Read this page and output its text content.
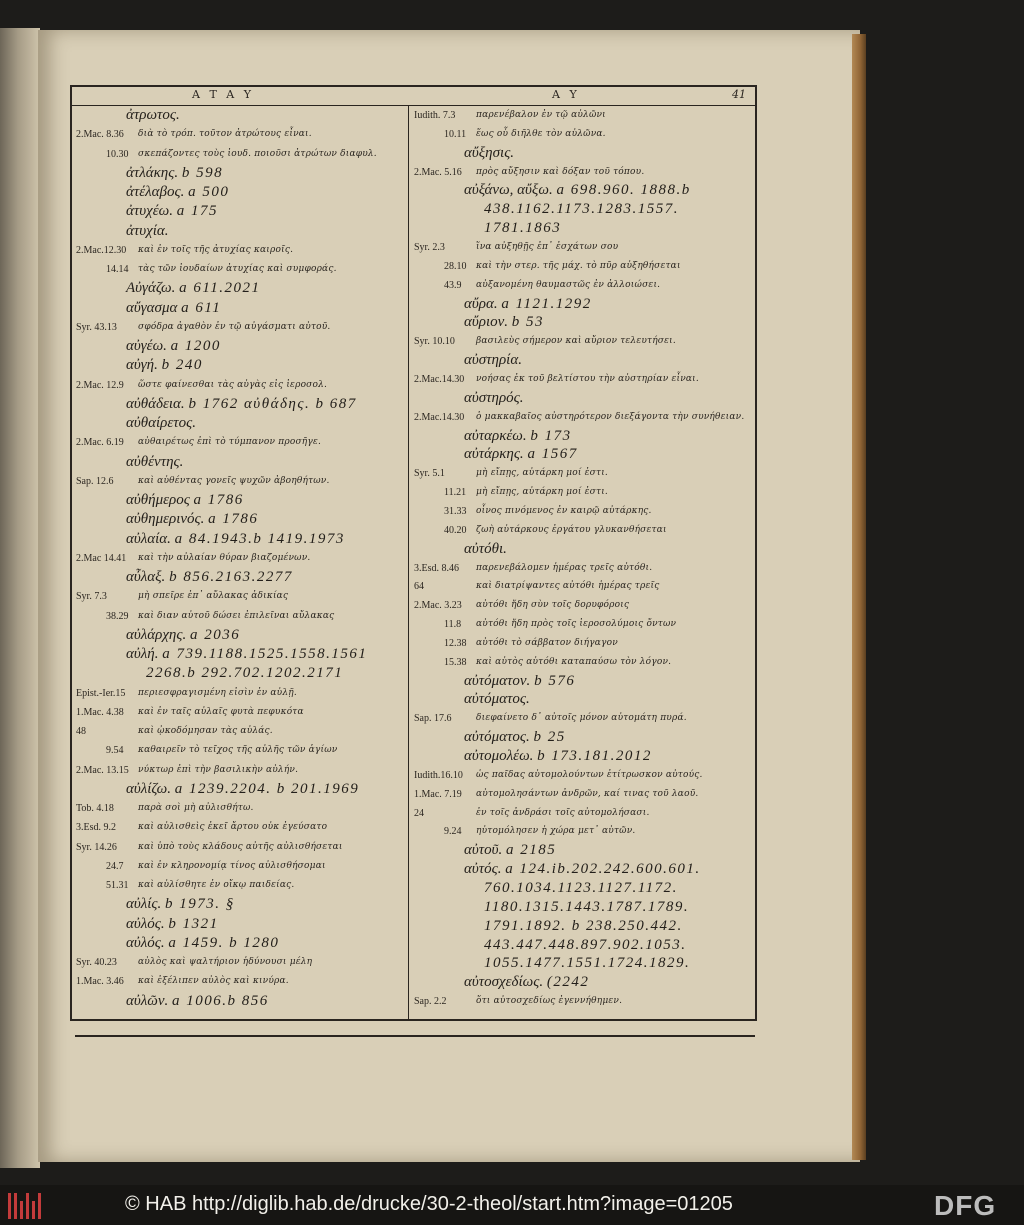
A T A Y	A Y	41
ἀτρωτος.
2.Mac. 8.36 διὰ τὸ τρόπ. τοῦτον ἀτρώτους εἶναι.
10.30 σκεπάζοντες τοὺς ἰουδ. ποιοῦσι ἀτρώτων διαφυλ.
ἀτλάκης. b 598
ἀτέλαβος. a 500
ἀτυχέω. a 175
ἀτυχία.
2.Mac.12.30 καὶ ἐν τοῖς τῆς ἀτυχίας καιροῖς.
14.14 τὰς τῶν ἰουδαίων ἀτυχίας καὶ συμφοράς.
Αὐγάζω. a 611.2021
αὔγασμα a 611
Syr. 43.13 σφόδρα ἀγαθὸν ἐν τῷ αὐγάσματι αὐτοῦ.
αὐγέω. a 1200
αὐγή. b 240
2.Mac. 12.9 ὥστε φαίνεσθαι τὰς αὐγὰς εἰς ἱεροσολ.
αὐθάδεια. b 1762 αὐθάδης. b 687
αὐθαίρετος.
2.Mac. 6.19 αὐθαιρέτως ἐπὶ τὸ τύμπανον προσῆγε.
αὐθέντης.
Sap. 12.6	καὶ αὐθέντας γονεῖς ψυχῶν ἀβοηθήτων.
αὐθήμερος a 1786
αὐθημερινός. a 1786
αὐλαία. a 84.1943.b 1419.1973
2.Mac 14.41 καὶ τὴν αὐλαίαν θύραν βιαζομένων.
αὖλαξ. b 856.2163.2277
Syr. 7.3	μὴ σπεῖρε ἐπ᾽ αὔλακας ἀδικίας
38.29 καὶ διαν αὐτοῦ δώσει ἐπιλεῖναι αὔλακας
αὐλάρχης. a 2036
αὐλή. a 739.1188.1525.1558.1561
2268.b 292.702.1202.2171
Epist.-Ier.15 περιεσφραγισμένη εἰσὶν ἐν αὐλῇ.
1.Mac. 4.38 καὶ ἐν ταῖς αὐλαῖς φυτὰ πεφυκότα
48	καὶ ᾠκοδόμησαν τὰς αὐλάς.
9.54 καθαιρεῖν τὸ τεῖχος τῆς αὐλῆς τῶν ἁγίων
2.Mac. 13.15 νύκτωρ ἐπὶ τὴν βασιλικὴν αὐλήν.
αὐλίζω. a 1239.2204. b 201.1969
Tob. 4.18	παρὰ σοὶ μὴ αὐλισθήτω.
3.Esd. 9.2 καὶ αὐλισθεὶς ἐκεῖ ἄρτου οὐκ ἐγεύσατο
Syr. 14.26 καὶ ὑπὸ τοὺς κλάδους αὐτῆς αὐλισθήσεται
24.7 καὶ ἐν κληρονομίᾳ τίνος αὐλισθήσομαι
51.31 καὶ αὐλίσθητε ἐν οἴκῳ παιδείας.
αὐλίς. b 1973. §
αὐλός. b 1321
αὐλός. a 1459. b 1280
Syr. 40.23 αὐλὸς καὶ ψαλτήριον ἡδύνουσι μέλη
1.Mac. 3.46 καὶ ἐξέλιπεν αὐλὸς καὶ κινύρα.
αὐλῶν. a 1006.b 856
Iudith. 7.3 παρενέβαλον ἐν τῷ αὐλῶνι
10.11 ἕως οὗ διῆλθε τὸν αὐλῶνα.
αὔξησις.
2.Mac. 5.16 πρὸς αὔξησιν καὶ δόξαν τοῦ τόπου.
αὐξάνω, αὔξω. a 698.960. 1888.b
438.1162.1173.1283.1557.
1781.1863
Syr. 2.3	ἵνα αὐξηθῇς ἐπ᾽ ἐσχάτων σου
28.10 καὶ τὴν στερ. τῆς μάχ. τὸ πῦρ αὐξηθήσεται
43.9 αὐξανομένη θαυμαστῶς ἐν ἀλλοιώσει.
αὔρα. a 1121.1292
αὔριον. b 53
Syr. 10.10 βασιλεὺς σήμερον καὶ αὔριον τελευτήσει.
αὐστηρία.
2.Mac.14.30 νοήσας ἐκ τοῦ βελτίστου τὴν αὐστηρίαν εἶναι.
αὐστηρός.
2.Mac.14.30 ὁ μακκαβαῖος αὐστηρότερον διεξάγοντα τὴν συνήθειαν.
αὐταρκέω. b 173
αὐτάρκης. a 1567
Syr. 5.1	μὴ εἴπῃς, αὐτάρκη μοί ἐστι.
11.21 μὴ εἴπῃς, αὐτάρκη μοί ἐστι.
31.33 οἶνος πινόμενος ἐν καιρῷ αὐτάρκης.
40.20 ζωὴ αὐτάρκους ἐργάτου γλυκανθήσεται
αὐτόθι.
3.Esd. 8.46 παρενεβάλομεν ἡμέρας τρεῖς αὐτόθι.
64	καὶ διατρίψαντες αὐτόθι ἡμέρας τρεῖς
2.Mac. 3.23 αὐτόθι ἤδη σὺν τοῖς δορυφόροις
11.8 αὐτόθι ἤδη πρὸς τοῖς ἱεροσολύμοις ὄντων
12.38 αὐτόθι τὸ σάββατον διήγαγον
15.38 καὶ αὐτὸς αὐτόθι καταπαύσω τὸν λόγον.
αὐτόματον. b 576
αὐτόματος.
Sap. 17.6	διεφαίνετο δ᾽ αὐτοῖς μόνον αὐτομάτη πυρά.
αὐτόματος. b 25
αὐτομολέω. b 173.181.2012
Iudith.16.10 ὡς παῖδας αὐτομολούντων ἐτίτρωσκον αὐτούς.
1.Mac. 7.19 αὐτομολησάντων ἀνδρῶν, καί τινας τοῦ λαοῦ.
24	ἐν τοῖς ἀνδράσι τοῖς αὐτομολήσασι.
9.24 ηὐτομόλησεν ἡ χώρα μετ᾽ αὐτῶν.
αὐτοῦ. a 2185
αὐτός. a 124.ib.202.242.600.601.
760.1034.1123.1127.1172.
1180.1315.1443.1787.1789.
1791.1892. b 238.250.442.
443.447.448.897.902.1053.
1055.1477.1551.1724.1829.
αὐτοσχεδίως. (2242
Sap. 2.2	ὅτι αὐτοσχεδίως ἐγεννήθημεν.
© HAB http://diglib.hab.de/drucke/30-2-theol/start.htm?image=01205	DFG
